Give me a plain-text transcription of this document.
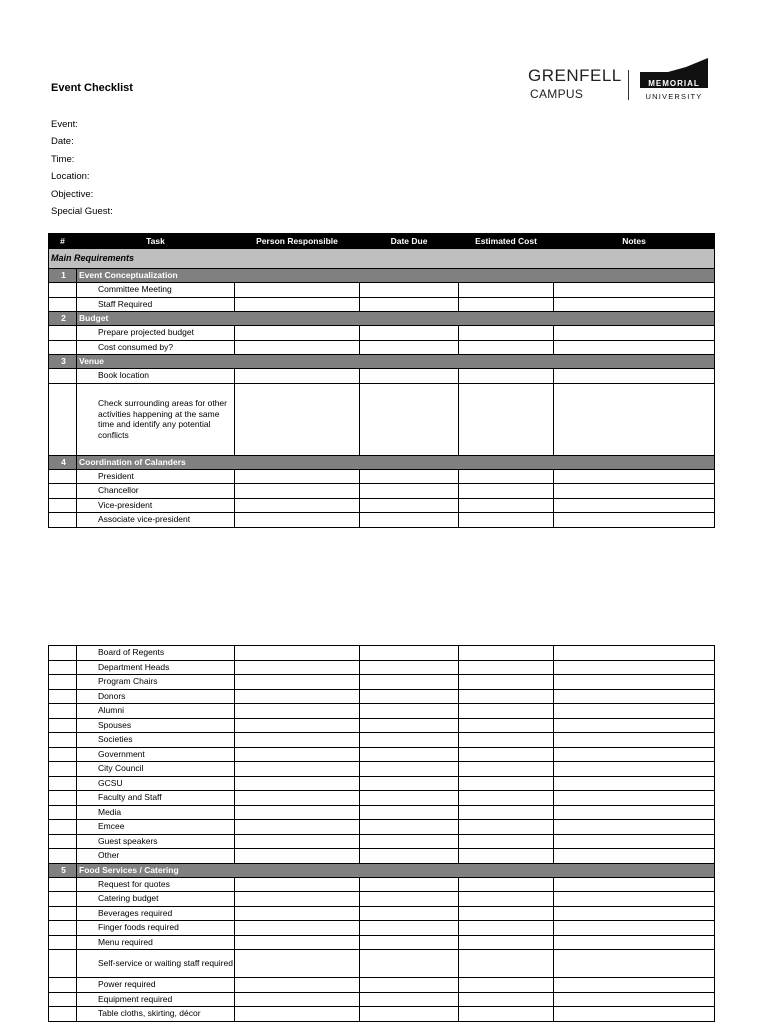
Event Checklist
Event:
Date:
Time:
Location:
Objective:
Special Guest:
GRENFELL
CAMPUS
MEMORIAL
UNIVERSITY
#	Task	Person Responsible	Date Due	Estimated Cost	Notes
Main Requirements					
1	Event Conceptualization				
	Committee Meeting				
	Staff Required				
2	Budget				
	Prepare projected budget				
	Cost consumed by?				
3	Venue				
	Book location				
	Check surrounding areas for other activities happening at the same time and identify any potential conflicts				
4	Coordination of Calanders				
	President				
	Chancellor				
	Vice-president				
	Associate vice-president				
	Board of Regents				
	Department Heads				
	Program Chairs				
	Donors				
	Alumni				
	Spouses				
	Societies				
	Government				
	City Council				
	GCSU				
	Faculty and Staff				
	Media				
	Emcee				
	Guest speakers				
	Other				
5	Food Services / Catering				
	Request for quotes				
	Catering budget				
	Beverages required				
	Finger foods required				
	Menu required				
	Self-service or waiting staff required				
	Power required				
	Equipment required				
	Table cloths, skirting, décor				
